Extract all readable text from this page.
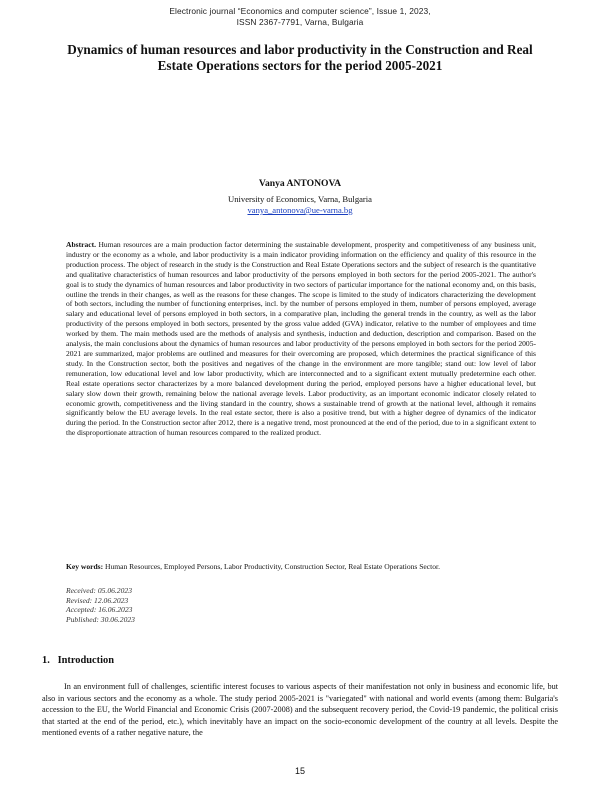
Electronic journal “Economics and computer science”, Issue 1, 2023,
ISSN 2367-7791, Varna, Bulgaria
Dynamics of human resources and labor productivity in the Construction and Real Estate Operations sectors for the period 2005-2021
Vanya ANTONOVA
University of Economics, Varna, Bulgaria
vanya_antonova@ue-varna.bg
Abstract. Human resources are a main production factor determining the sustainable development, prosperity and competitiveness of any business unit, industry or the economy as a whole, and labor productivity is a main indicator providing information on the efficiency and quality of this resource in the production process. The object of research in the study is the Construction and Real Estate Operations sectors and the subject of research is the quantitative and qualitative characteristics of human resources and labor productivity of the persons employed in both sectors for the period 2005-2021. The author's goal is to study the dynamics of human resources and labor productivity in two sectors of particular importance for the national economy and, on this basis, outline the trends in their changes, as well as the reasons for these changes. The scope is limited to the study of indicators characterizing the development of both sectors, including the number of functioning enterprises, incl. by the number of persons employed in them, number of persons employed, average salary and educational level of persons employed in both sectors, in a comparative plan, including the general trends in the country, as well as the labor productivity of the persons employed in both sectors, presented by the gross value added (GVA) indicator, relative to the number of employees and time worked by them. The main methods used are the methods of analysis and synthesis, induction and deduction, description and comparison. Based on the analysis, the main conclusions about the dynamics of human resources and labor productivity of the persons employed in both sectors for the period 2005-2021 are summarized, major problems are outlined and measures for their overcoming are proposed, which determines the practical significance of this study. In the Construction sector, both the positives and negatives of the change in the environment are more tangible; stand out: low level of labor remuneration, low educational level and low labor productivity, which are interconnected and to a significant extent mutually predetermine each other. Real estate operations sector characterizes by a more balanced development during the period, employed persons have a higher educational level, but salary slow down their growth, remaining below the national average levels. Labor productivity, as an important economic indicator closely related to economic growth, competitiveness and the living standard in the country, shows a sustainable trend of growth at the national level, although it remains significantly below the EU average levels. In the real estate sector, there is also a positive trend, but with a higher degree of dynamics of the indicator during the period. In the Construction sector after 2012, there is a negative trend, most pronounced at the end of the period, due to in a significant extent to the disproportionate attraction of human resources compared to the realized product.
Key words: Human Resources, Employed Persons, Labor Productivity, Construction Sector, Real Estate Operations Sector.
Received: 05.06.2023
Revised: 12.06.2023
Accepted: 16.06.2023
Published: 30.06.2023
1.   Introduction
In an environment full of challenges, scientific interest focuses to various aspects of their manifestation not only in business and economic life, but also in various sectors and the economy as a whole. The study period 2005-2021 is "variegated" with national and world events (among them: Bulgaria's accession to the EU, the World Financial and Economic Crisis (2007-2008) and the subsequent recovery period, the Covid-19 pandemic, the political crisis that started at the end of the period, etc.), which inevitably have an impact on the socio-economic development of the country at all levels. Despite the mentioned events of a rather negative nature, the
15
